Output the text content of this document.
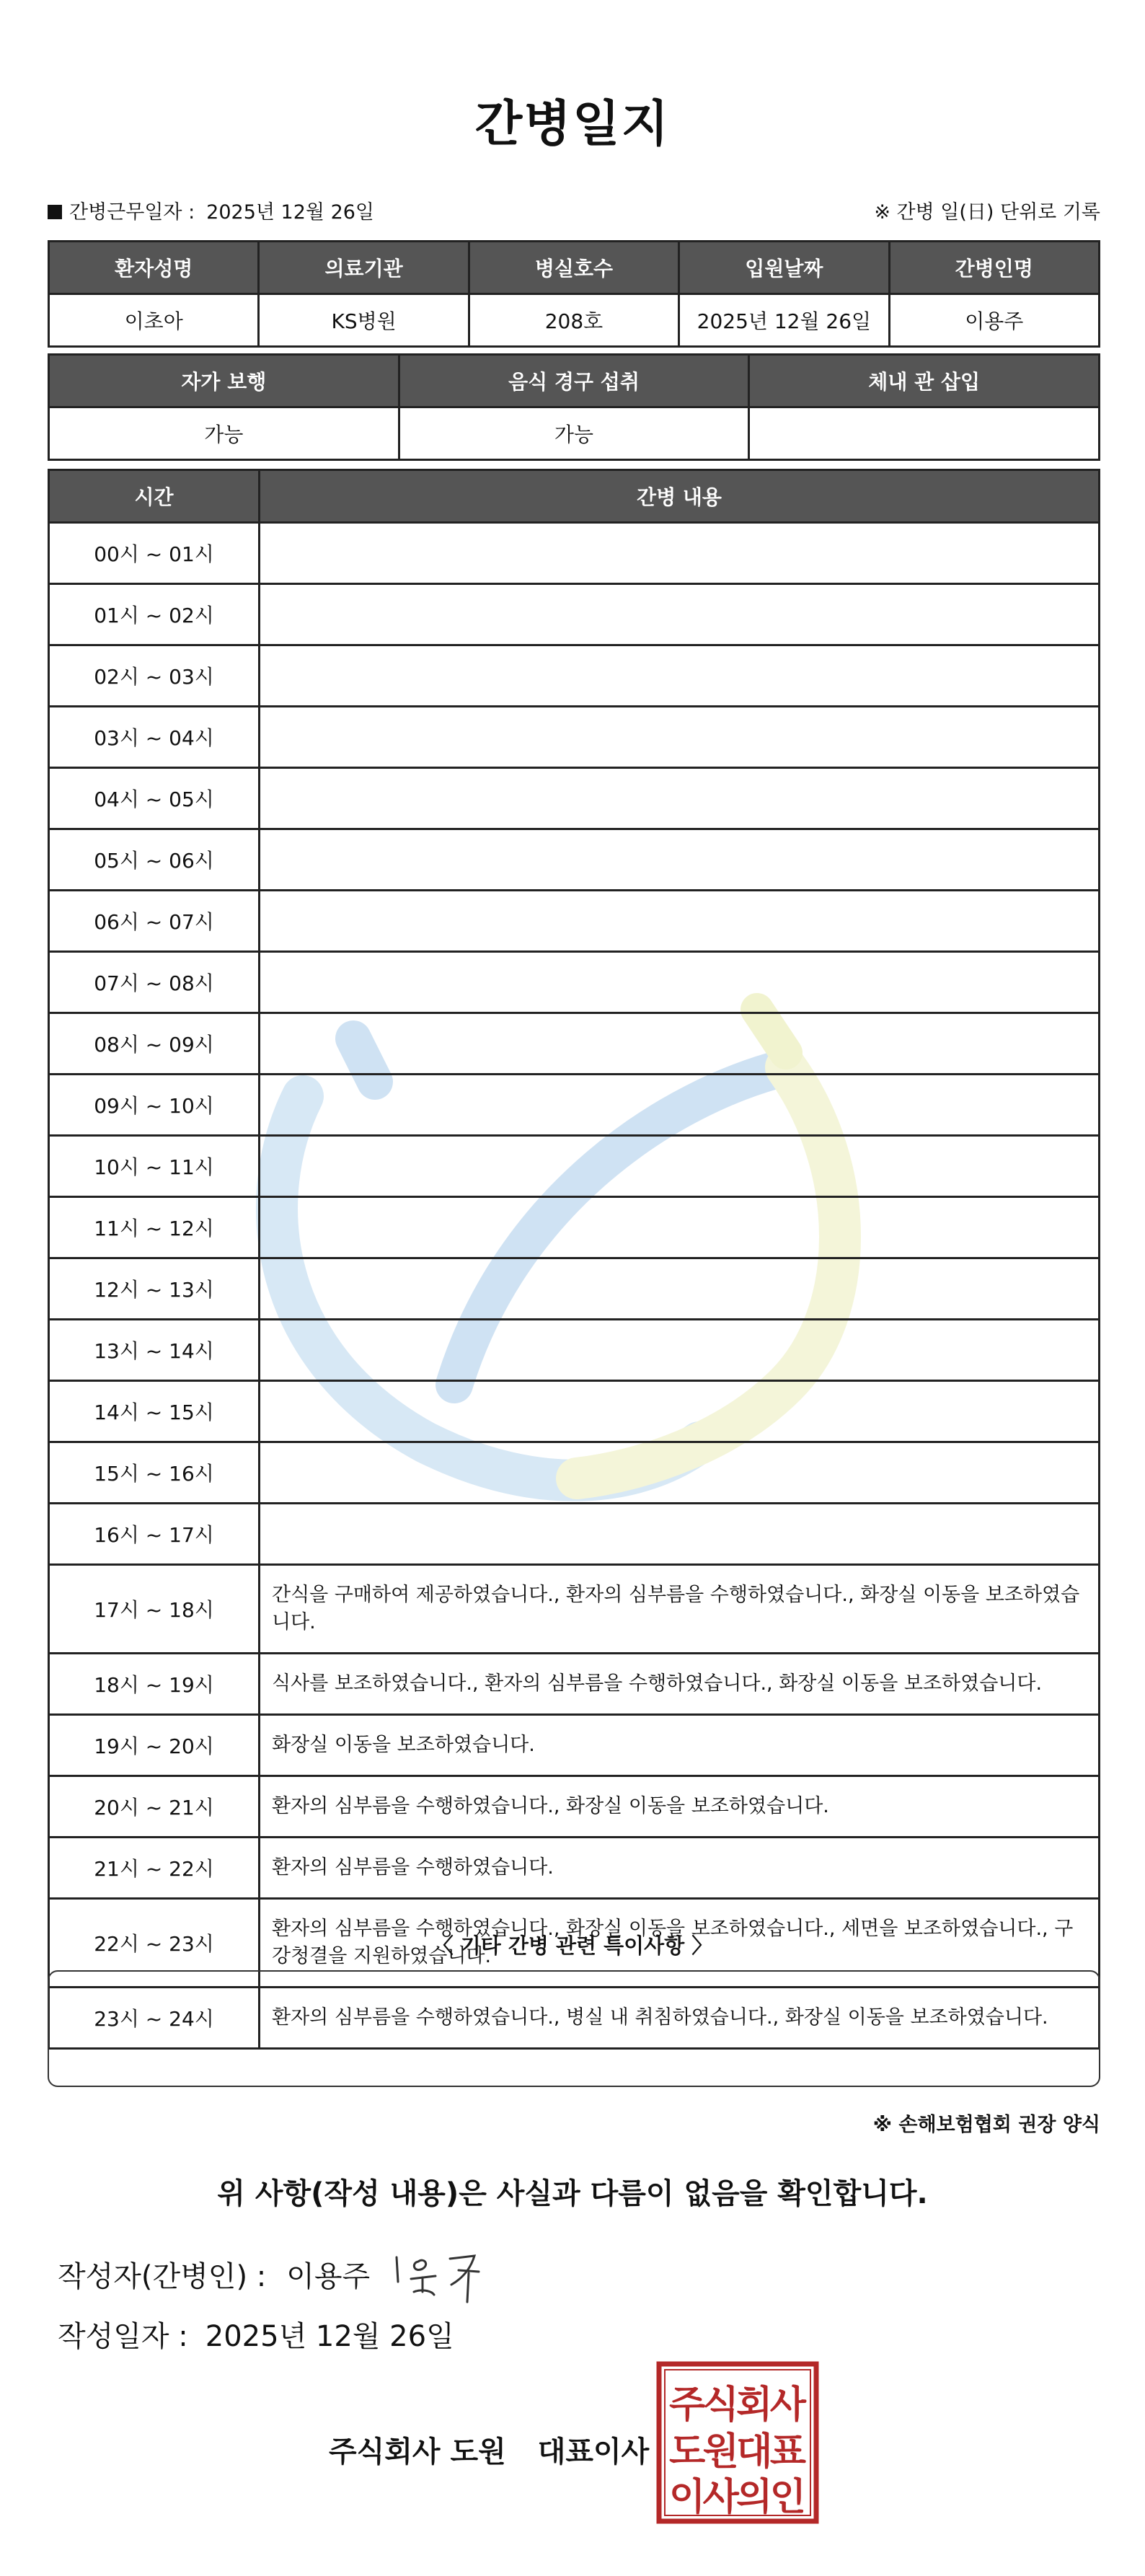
간병일지
간병근무일자 : 2025년 12월 26일	※ 간병 일(日) 단위로 기록
환자성명	의료기관	병실호수	입원날짜	간병인명
이초아	KS병원	208호	2025년 12월 26일	이용주
자가 보행	음식 경구 섭취	체내 관 삽입
가능	가능	
시간	간병 내용
00시 ~ 01시	
01시 ~ 02시	
02시 ~ 03시	
03시 ~ 04시	
04시 ~ 05시	
05시 ~ 06시	
06시 ~ 07시	
07시 ~ 08시	
08시 ~ 09시	
09시 ~ 10시	
10시 ~ 11시	
11시 ~ 12시	
12시 ~ 13시	
13시 ~ 14시	
14시 ~ 15시	
15시 ~ 16시	
16시 ~ 17시	
17시 ~ 18시	간식을 구매하여 제공하였습니다., 환자의 심부름을 수행하였습니다., 화장실 이동을 보조하였습니다.
18시 ~ 19시	식사를 보조하였습니다., 환자의 심부름을 수행하였습니다., 화장실 이동을 보조하였습니다.
19시 ~ 20시	화장실 이동을 보조하였습니다.
20시 ~ 21시	환자의 심부름을 수행하였습니다., 화장실 이동을 보조하였습니다.
21시 ~ 22시	환자의 심부름을 수행하였습니다.
22시 ~ 23시	환자의 심부름을 수행하였습니다., 화장실 이동을 보조하였습니다., 세면을 보조하였습니다., 구강청결을 지원하였습니다.
23시 ~ 24시	환자의 심부름을 수행하였습니다., 병실 내 취침하였습니다., 화장실 이동을 보조하였습니다.
〈 기타 간병 관련 특이사항 〉
※ 손해보험협회 권장 양식
위 사항(작성 내용)은 사실과 다름이 없음을 확인합니다.
작성자(간병인) : 이용주
작성일자 : 2025년 12월 26일
주식회사 도원 대표이사
주식회사
도원대표
이사의인
